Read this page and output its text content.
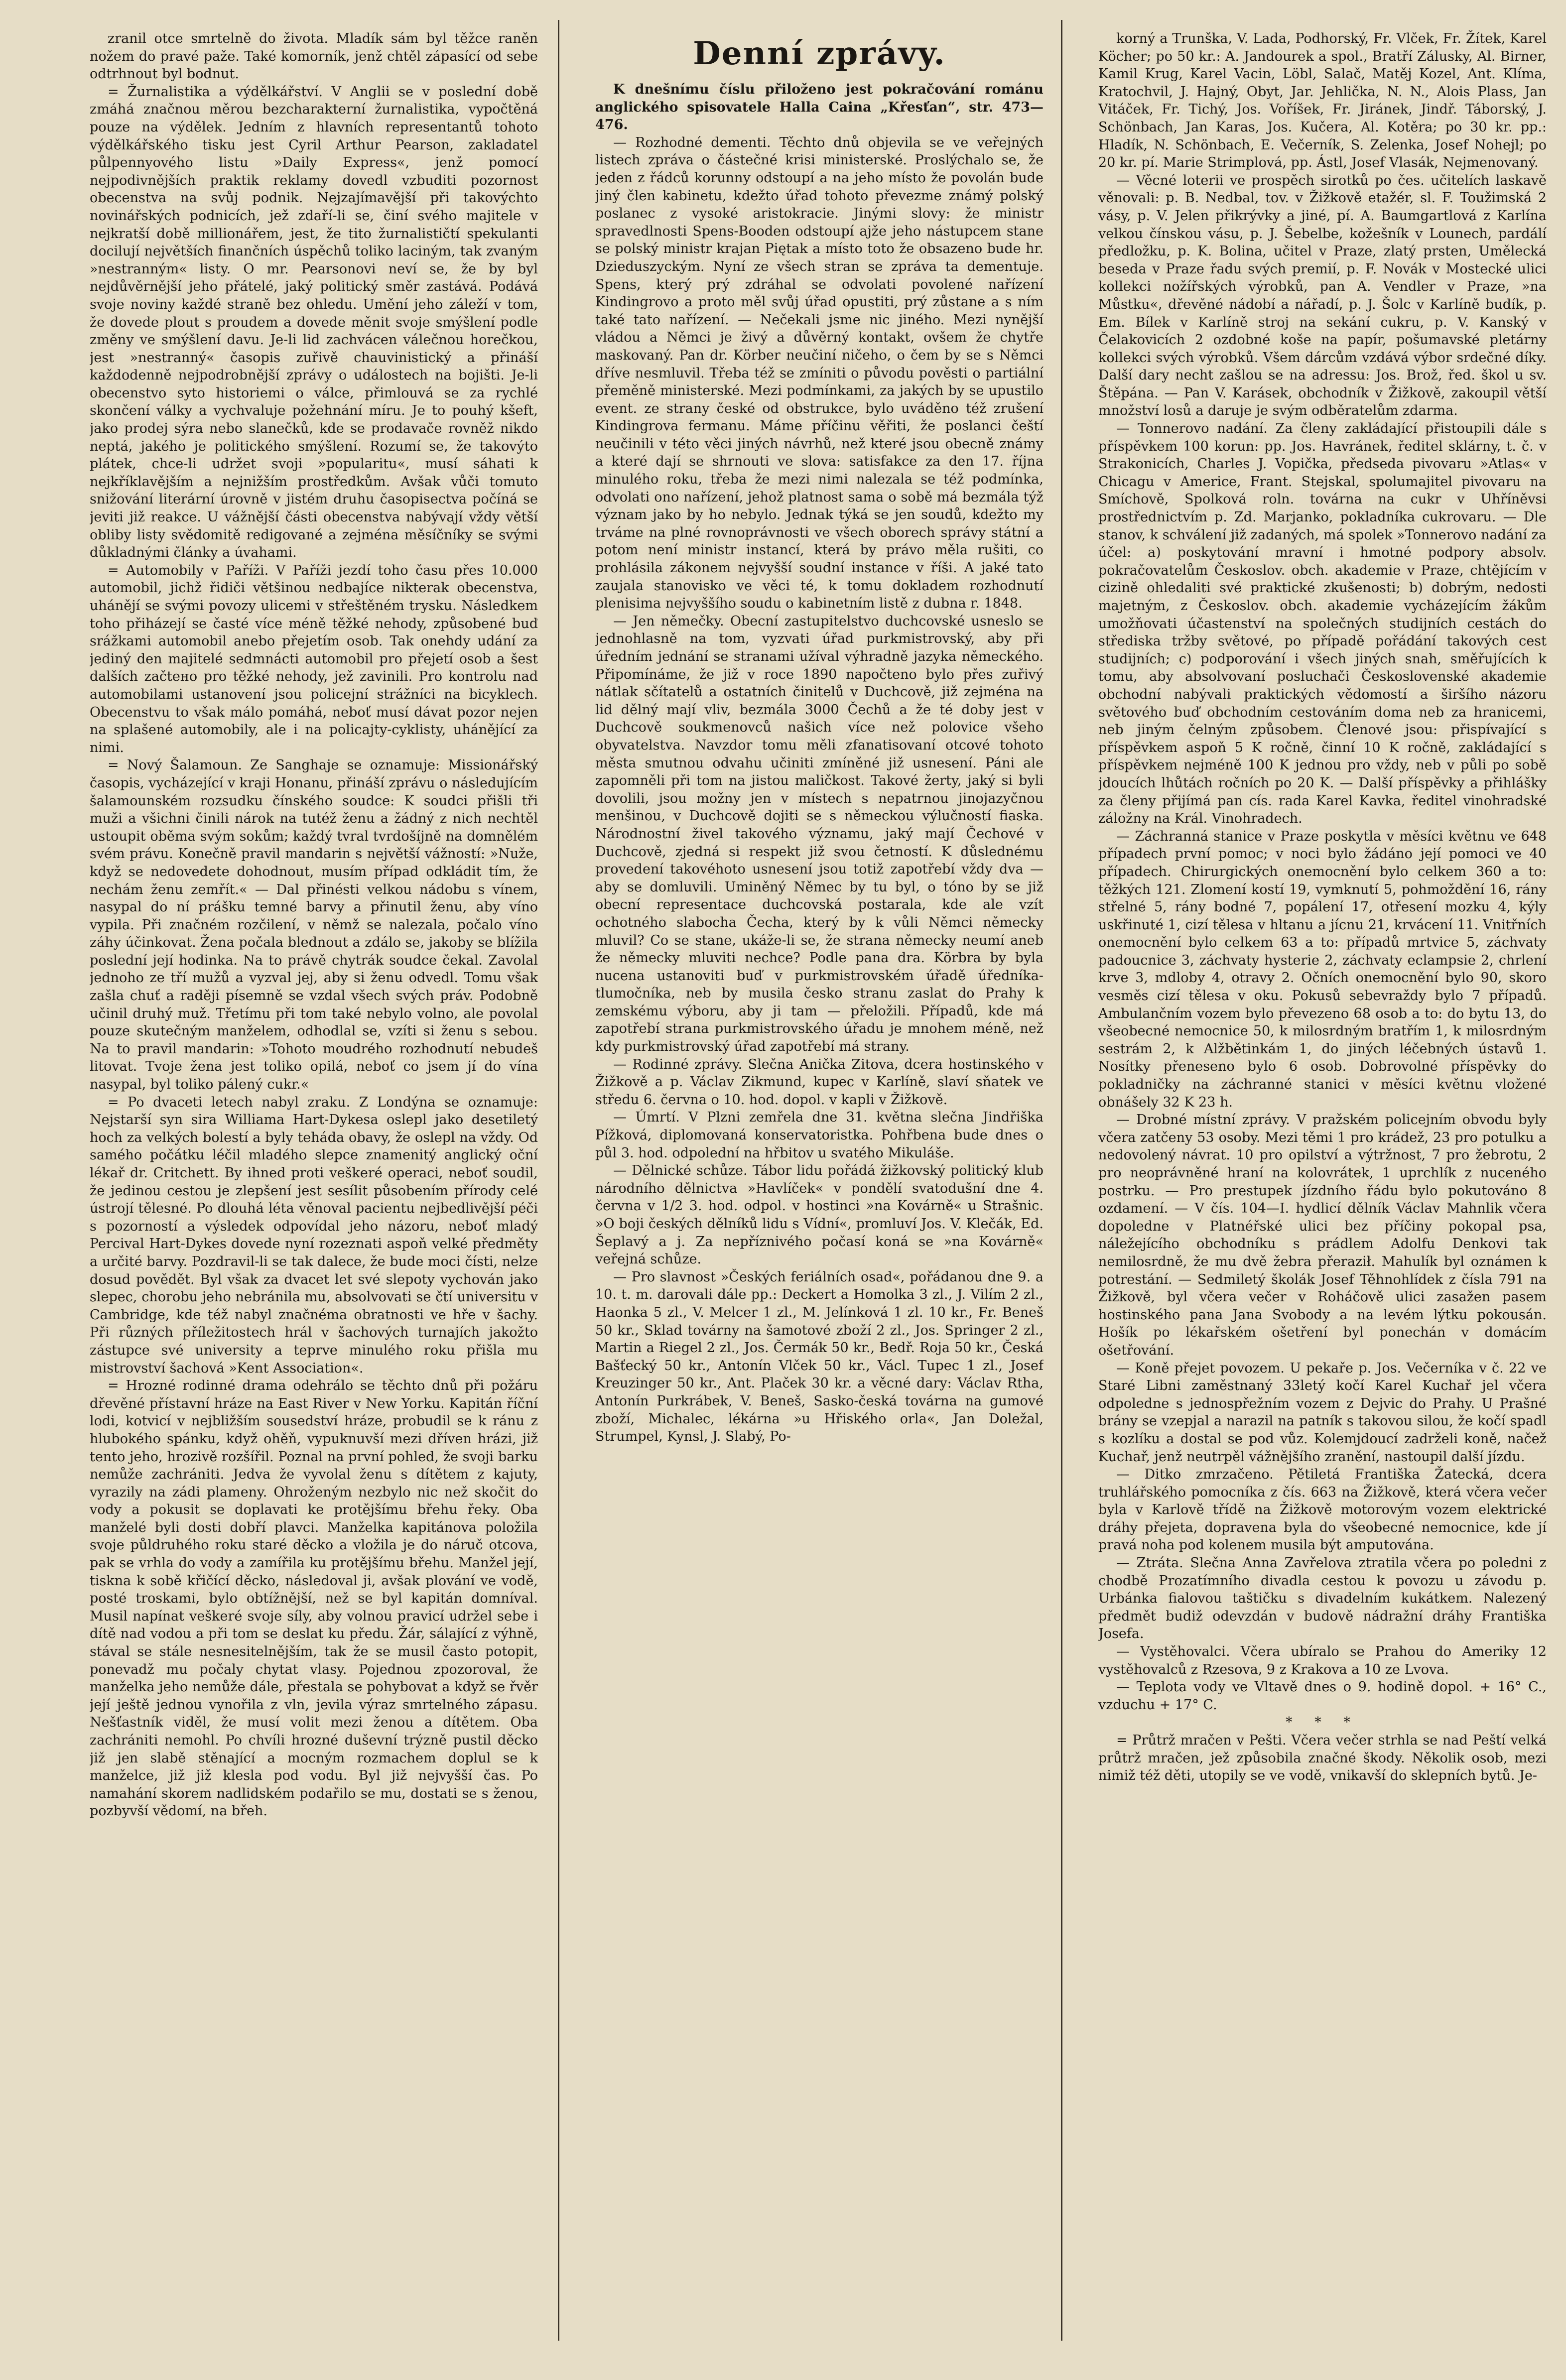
zranil otce smrtelně do života. Mladík sám byl těžce raněn nožem do pravé paže. Také komorník, jenž chtěl zápasící od sebe odtrhnout byl bodnut.

= Žurnalistika a výdělkářství. V Anglii se v poslední době zmáhá značnou měrou bezcharakterní žurnalistika, vypočtěná pouze na výdělek. Jedním z hlavních representantů tohoto výdělkářského tisku jest Cyril Arthur Pearson, zakladatel půlpennyového listu »Daily Express«, jenž pomocí nejpodivnějších praktik reklamy dovedl vzbuditi pozornost obecenstva na svůj podnik. Nejzajímavější při takovýchto novinářských podnicích, jež zdaří-li se, činí svého majitele v nejkratší době millionářem, jest, že tito žurnalističtí spekulanti docilují největších finančních úspěchů toliko laciným, tak zvaným »nestranným« listy. O mr. Pearsonovi neví se, že by byl nejdůvěrnější jeho přátelé, jaký politický směr zastává. Podává svoje noviny každé straně bez ohledu. Umění jeho záleží v tom, že dovede plout s proudem a dovede měnit svoje smýšlení podle změny ve smýšlení davu. Je-li lid zachvácen válečnou horečkou, jest »nestranný« časopis zuřivě chauvinistický a přináší každodenně nejpodrobnější zprávy o událostech na bojišti. Je-li obecenstvo syto historiemi o válce, přimlouvá se za rychlé skončení války a vychvaluje požehnání míru. Je to pouhý kšeft, jako prodej sýra nebo slanečků, kde se prodavače rovněž nikdo neptá, jakého je politického smýšlení. Rozumí se, že takovýto plátek, chce-li udržet svoji »popularitu«, musí sáhati k nejkříklavějším a nejnižším prostředkům. Avšak vůči tomuto snižování literární úrovně v jistém druhu časopisectva počíná se jeviti již reakce. U vážnější části obecenstva nabývají vždy větší obliby listy svědomitě redigované a zejména měsíčníky se svými důkladnými články a úvahami.

= Automobily v Paříži. V Paříži jezdí toho času přes 10.000 automobil, jichž řidiči většinou nedbajíce nikterak obecenstva, uhánějí se svými povozy ulicemi v střeštěném trysku. Následkem toho přiházejí se časté více méně těžké nehody, způsobené buď srážkami automobil anebo přejetím osob. Tak onehdy udání za jediný den majitelé sedmnácti automobil pro přejetí osob a šest dalších začtено pro těžké nehody, jež zavinili. Pro kontrolu nad automobilami ustanovení jsou policejní strážníci na bicyklech. Obecenstvu to však málo pomáhá, neboť musí dávat pozor nejen na splašené automobily, ale i na policajty-cyklisty, uhánějící za nimi.

= Nový Šalamoun. Ze Sanghaje se oznamuje: Missionářský časopis, vycházející v kraji Honanu, přináší zprávu o následujícím šalamounském rozsudku čínského soudce: K soudci přišli tři muži a všichni činili nárok na tutéž ženu a žádný z nich nechtěl ustoupit oběma svým sokům; každý tvral tvrdošíjně na domnělém svém právu. Konečně pravil mandarin s největší vážností: »Nuže, když se nedovedete dohodnout, musím případ odkládit tím, že nechám ženu zemřít.« — Dal přinésti velkou nádobu s vínem, nasypal do ní prášku temné barvy a přinutil ženu, aby víno vypila. Při značném rozčilení, v němž se nalezala, počalo víno záhy účinkovat. Žena počala blednout a zdálo se, jakoby se blížila poslední její hodinka. Na to právě chytrák soudce čekal. Zavolal jednoho ze tří mužů a vyzval jej, aby si ženu odvedl. Tomu však zašla chuť a raději písemně se vzdal všech svých práv. Podobně učinil druhý muž. Třetímu při tom také nebylo volno, ale povolal pouze skutečným manželem, odhodlal se, vzíti si ženu s sebou. Na to pravil mandarin: »Tohoto moudrého rozhodnutí nebudeš litovat. Tvoje žena jest toliko opilá, neboť co jsem jí do vína nasypal, byl toliko pálený cukr.«

= Po dvaceti letech nabyl zraku. Z Londýna se oznamuje: Nejstarší syn sira Williama Hart-Dykesa oslepl jako desetiletý hoch za velkých bolestí a byly teháda obavy, že oslepl na vždy. Od samého počátku léčil mladého slepce znamenitý anglický oční lékař dr. Critchett. By ihned proti veškeré operaci, neboť soudil, že jedinou cestou je zlepšení jest sesílit působením přírody celé ústrojí tělesné. Po dlouhá léta věnoval pacientu nejbedlivější péči s pozorností a výsledek odpovídal jeho názoru, neboť mladý Percival Hart-Dykes dovede nyní rozeznati aspoň velké předměty a určité barvy. Pozdravil-li se tak dalece, že bude moci čísti, nelze dosud povědět. Byl však za dvacet let své slepoty vychován jako slepec, chorobu jeho nebránila mu, absolvovati se čtí universitu v Cambridge, kde též nabyl značnéma obratnosti ve hře v šachy. Při různých příležitostech hrál v šachových turnajích jakožto zástupce své university a teprve minulého roku přišla mu mistrovství šachová »Kent Association«.

= Hrozné rodinné drama odehrálo se těchto dnů při požáru dřevěné přístavní hráze na East River v New Yorku. Kapitán říční lodi, kotvicí v nejbližším sousedství hráze, probudil se k ránu z hlubokého spánku, když ohěň, vypuknuvší mezi dříven hrázi, již tento jeho, hrozivě rozšířil. Poznal na první pohled, že svoji barku nemůže zachrániti. Jedva že vyvolal ženu s dítětem z kajuty, vyrazily na zádi plameny. Ohroženým nezbylo nic než skočit do vody a pokusit se doplavati ke protějšímu břehu řeky. Oba manželé byli dosti dobří plavci. Manželka kapitánova položila svoje půldruhého roku staré děcko a vložila je do náruč otcova, pak se vrhla do vody a zamířila ku protějšímu břehu. Manžel její, tiskna k sobě křičící děcko, následoval ji, avšak plování ve vodě, posté troskami, bylo obtížnější, než se byl kapitán domníval. Musil napínat veškeré svoje síly, aby volnou pravicí udržel sebe i dítě nad vodou a při tom se deslat ku předu. Žár, sálající z výhně, stával se stále nesnesitelnějším, tak že se musil často potopit, ponevadž mu počaly chytat vlasy. Pojednou zpozoroval, že manželka jeho nemůže dále, přestala se pohybovat a když se řvěr její ještě jednou vynořila z vln, jevila výraz smrtelného zápasu. Nešťastník viděl, že musí volit mezi ženou a dítětem. Oba zachrániti nemohl. Po chvíli hrozné duševní trýzně pustil děcko již jen slabě stěnající a mocným rozmachem doplul se k manželce, již již klesla pod vodu. Byl již nejvyšší čas. Po namahání skorem nadlidském podařilo se mu, dostati se s ženou, pozbyvší vědomí, na břeh.

Denní zprávy.

K dnešnímu číslu přiloženo jest pokračování románu anglického spisovatele Halla Caina „Křesťan“, str. 473—476.

— Rozhodné dementi. Těchto dnů objevila se ve veřejných listech zpráva o částečné krisi ministerské. Proslýchalo se, že jeden z řádců korunny odstoupí a na jeho místo že povolán bude jiný člen kabinetu, kdežto úřad tohoto převezme známý polský poslanec z vysoké aristokracie. Jinými slovy: že ministr spravedlnosti Spens-Booden odstoupí ajže jeho nástupcem stane se polský ministr krajan Piętak a místo toto že obsazeno bude hr. Dzieduszyckým. Nyní ze všech stran se zpráva ta dementuje. Spens, který prý zdráhal se odvolati povolené nařízení Kindingrovo a proto měl svůj úřad opustiti, prý zůstane a s ním také tato nařízení. — Nečekali jsme nic jiného. Mezi nynější vládou a Němci je živý a důvěrný kontakt, ovšem že chytře maskovaný. Pan dr. Körber neučiní ničeho, o čem by se s Němci dříve nesmluvil. Třeba též se zmíniti o původu pověsti o partiální přeměně ministerské. Mezi podmínkami, za jakých by se upustilo event. ze strany české od obstrukce, bylo uváděno též zrušení Kindingrova fermanu. Máme příčinu věřiti, že poslanci čeští neučinili v této věci jiných návrhů, než které jsou obecně známy a které dají se shrnouti ve slova: satisfakce za den 17. října minulého roku, třeba že mezi nimi nalezala se též podmínka, odvolati ono nařízení, jehož platnost sama o sobě má bezmála týž význam jako by ho nebylo. Jednak týká se jen soudů, kdežto my trváme na plné rovnoprávnosti ve všech oborech správy státní a potom není ministr instancí, která by právo měla rušiti, co prohlásila zákonem nejvyšší soudní instance v říši. A jaké tato zaujala stanovisko ve věci té, k tomu dokladem rozhodnutí plenisima nejvyššího soudu o kabinetním listě z dubna r. 1848.

— Jen němečky. Obecní zastupitelstvo duchcovské usneslo se jednohlasně na tom, vyzvati úřad purkmistrovský, aby při úředním jednání se stranami užíval výhradně jazyka německého. Připomínáme, že již v roce 1890 napočteno bylo přes zuřivý nátlak sčítatelů a ostatních činitelů v Duchcově, již zejména na lid dělný mají vliv, bezmála 3000 Čechů a že té doby jest v Duchcově soukmenovců našich více než polovice všeho obyvatelstva. Navzdor tomu měli zfanatisovaní otcové tohoto města smutnou odvahu učiniti zmíněné již usnesení. Páni ale zapomněli při tom na jistou maličkost. Takové žerty, jaký si byli dovolili, jsou možny jen v místech s nepatrnou jinojazyčnou menšinou, v Duchcově dojiti se s německou výlučností fiaska. Národnostní živel takového významu, jaký mají Čechové v Duchcově, zjedná si respekt již svou četností. K důslednému provedení takovéhoto usnesení jsou totiž zapotřebí vždy dva — aby se domluvili. Uminěný Němec by tu byl, o tóno by se již obecní representace duchcovská postarala, kde ale vzít ochotného slabocha Čecha, který by k vůli Němci německy mluvil? Co se stane, ukáže-li se, že strana německy neumí aneb že německy mluviti nechce? Podle pana dra. Körbra by byla nucena ustanoviti buď v purkmistrovském úřadě úředníka-tlumočníka, neb by musila česko stranu zaslat do Prahy k zemskému výboru, aby ji tam — přeložili. Případů, kde má zapotřebí strana purkmistrovského úřadu je mnohem méně, než kdy purkmistrovský úřad zapotřebí má strany.

— Rodinné zprávy. Slečna Anička Zitova, dcera hostinského v Žižkově a p. Václav Zikmund, kupec v Karlíně, slaví sňatek ve středu 6. června o 10. hod. dopol. v kapli v Žižkově.

— Úmrtí. V Plzni zemřela dne 31. května slečna Jindřiška Pížková, diplomovaná konservatoristka. Pohřbena bude dnes o půl 3. hod. odpolední na hřbitov u svatého Mikuláše.

— Dělnické schůze. Tábor lidu pořádá žižkovský politický klub národního dělnictva »Havlíček« v pondělí svatodušní dne 4. června v 1/2 3. hod. odpol. v hostinci »na Kovárně« u Strašnic. »O boji českých dělníků lidu s Vídní«, promluví Jos. V. Klečák, Ed. Šeplavý a j. Za nepříznivého počasí koná se »na Kovárně« veřejná schůze.

— Pro slavnost »Českých feriálních osad«, pořádanou dne 9. a 10. t. m. darovali dále pp.: Deckert a Homolka 3 zl., J. Vilím 2 zl., Haonka 5 zl., V. Melcer 1 zl., M. Jelínková 1 zl. 10 kr., Fr. Beneš 50 kr., Sklad továrny na šamotové zboží 2 zl., Jos. Springer 2 zl., Martin a Riegel 2 zl., Jos. Čermák 50 kr., Bedř. Roja 50 kr., Česká Bašťecký 50 kr., Antonín Vlček 50 kr., Václ. Tupec 1 zl., Josef Kreuzinger 50 kr., Ant. Plaček 30 kr. a věcné dary: Václav Rtha, Antonín Purkrábek, V. Beneš, Sasko-česká továrna na gumové zboží, Michalec, lékárna »u Hřiského orla«, Jan Doležal, Strumpel, Kynsl, J. Slabý, Po-

korný a Trunška, V. Lada, Podhorský, Fr. Vlček, Fr. Žítek, Karel Köcher; po 50 kr.: A. Jandourek a spol., Bratří Zálusky, Al. Birner, Kamil Krug, Karel Vacin, Löbl, Salač, Matěj Kozel, Ant. Klíma, Kratochvil, J. Hajný, Obyt, Jar. Jehlička, N. N., Alois Plass, Jan Vitáček, Fr. Tichý, Jos. Voříšek, Fr. Jiránek, Jindř. Táborský, J. Schönbach, Jan Karas, Jos. Kučera, Al. Kotěra; po 30 kr. pp.: Hladík, N. Schönbach, E. Večerník, S. Zelenka, Josef Nohejl; po 20 kr. pí. Marie Strimplová, pp. Ástl, Josef Vlasák, Nejmenovaný.

— Věcné loterii ve prospěch sirotků po čes. učitelích laskavě věnovali: p. B. Nedbal, tov. v Žižkově etažér, sl. F. Toužimská 2 vásy, p. V. Jelen přikrývky a jiné, pí. A. Baumgartlová z Karlína velkou čínskou vásu, p. J. Šebelbe, kožešník v Lounech, pardálí předložku, p. K. Bolina, učitel v Praze, zlatý prsten, Umělecká beseda v Praze řadu svých premií, p. F. Novák v Mostecké ulici kollekci nožířských výrobků, pan A. Vendler v Praze, »na Můstku«, dřevěné nádobí a nářadí, p. J. Šolc v Karlíně budík, p. Em. Bílek v Karlíně stroj na sekání cukru, p. V. Kanský v Čelakovicích 2 ozdobné koše na papír, pošumavské pletárny kollekci svých výrobků. Všem dárcům vzdává výbor srdečné díky. Další dary necht zašlou se na adressu: Jos. Brož, řed. škol u sv. Štěpána. — Pan V. Karásek, obchodník v Žižkově, zakoupil větší množství losů a daruje je svým odběratelům zdarma.

— Tonnerovo nadání. Za členy zakládající přistoupili dále s příspěvkem 100 korun: pp. Jos. Havránek, ředitel sklárny, t. č. v Strakonicích, Charles J. Vopička, předseda pivovaru »Atlas« v Chicagu v Americe, Frant. Stejskal, spolumajitel pivovaru na Smíchově, Spolková roln. továrna na cukr v Uhříněvsi prostřednictvím p. Zd. Marjanko, pokladníka cukrovaru. — Dle stanov, k schválení již zadaných, má spolek »Tonnerovo nadání za účel: a) poskytování mravní i hmotné podpory absolv. pokračovatelům Českoslov. obch. akademie v Praze, chtějícím v cizině ohledaliti své praktické zkušenosti; b) dobrým, nedosti majetným, z Českoslov. obch. akademie vycházejícím žákům umožňovati účastenství na společných studijních cestách do střediska tržby světové, po případě pořádání takových cest studijních; c) podporování i všech jiných snah, směřujících k tomu, aby absolvovaní posluchači Československé akademie obchodní nabývali praktických vědomostí a širšího názoru světového buď obchodním cestováním doma neb za hranicemi, neb jiným čelným způsobem. Členové jsou: přispívající s příspěvkem aspoň 5 K ročně, činní 10 K ročně, zakládající s příspěvkem nejméně 100 K jednou pro vždy, neb v půli po sobě jdoucích lhůtách ročních po 20 K. — Další příspěvky a přihlášky za členy přijímá pan cís. rada Karel Kavka, ředitel vinohradské záložny na Král. Vinohradech.

— Záchranná stanice v Praze poskytla v měsíci květnu ve 648 případech první pomoc; v noci bylo žádáno její pomoci ve 40 případech. Chirurgických onemocnění bylo celkem 360 a to: těžkých 121. Zlomení kostí 19, vymknutí 5, pohmoždění 16, rány střelné 5, rány bodné 7, popálení 17, otřesení mozku 4, kýly uskřinuté 1, cizí tělesa v hltanu a jícnu 21, krvácení 11. Vnitřních onemocnění bylo celkem 63 a to: případů mrtvice 5, záchvaty padoucnice 3, záchvaty hysterie 2, záchvaty eclampsie 2, chrlení krve 3, mdloby 4, otravy 2. Očních onemocnění bylo 90, skoro vesměs cizí tělesa v oku. Pokusů sebevraždy bylo 7 případů. Ambulančním vozem bylo převezeno 68 osob a to: do bytu 13, do všeobecné nemocnice 50, k milosrdným bratřím 1, k milosrdným sestrám 2, k Alžbětinkám 1, do jiných léčebných ústavů 1. Nosítky přeneseno bylo 6 osob. Dobrovolné příspěvky do pokladničky na záchranné stanici v měsíci květnu vložené obnášely 32 K 23 h.

— Drobné místní zprávy. V pražském policejním obvodu byly včera zatčeny 53 osoby. Mezi těmi 1 pro krádež, 23 pro potulku a nedovolený návrat. 10 pro opilství a výtržnost, 7 pro žebrotu, 2 pro neoprávněné hraní na kolovrátek, 1 uprchlík z nuceného postrku. — Pro prestupek jízdního řádu bylo pokutováno 8 ozdamení. — V čís. 104—I. hydlicí dělník Václav Mahnlik včera dopoledne v Platnéřské ulici bez příčiny pokopal psa, náležejícího obchodníku s prádlem Adolfu Denkovi tak nemilosrdně, že mu dvě žebra přeraził. Mahulík byl oznámen k potrestání. — Sedmiletý školák Josef Těhnohlídek z čísla 791 na Žižkově, byl včera večer v Roháčově ulici zasažen pasem hostinského pana Jana Svobody a na levém lýtku pokousán. Hošík po lékařském ošetření byl ponechán v domácím ošetřování.

— Koně přejet povozem. U pekaře p. Jos. Večerníka v č. 22 ve Staré Libni zaměstnaný 33letý kočí Karel Kuchař jel včera odpoledne s jednospřežním vozem z Dejvic do Prahy. U Prašné brány se vzepjal a narazil na patník s takovou silou, že kočí spadl s kozlíku a dostal se pod vůz. Kolemjdoucí zadrželi koně, načež Kuchař, jenž neutrpěl vážnějšího zranění, nastoupil další jízdu.

— Ditko zmrzačeno. Pětiletá Františka Žatecká, dcera truhlářského pomocníka z čís. 663 na Žižkově, která včera večer byla v Karlově třídě na Žižkově motorovým vozem elektrické dráhy přejeta, dopravena byla do všeobecné nemocnice, kde jí pravá noha pod kolenem musila být amputována.

— Ztráta. Slečna Anna Zavřelova ztratila včera po poledni z chodbě Prozatímního divadla cestou k povozu u závodu p. Urbánka fialovou taštičku s divadelním kukátkem. Nalezený předmět budiž odevzdán v budově nádražní dráhy Františka Josefa.

— Vystěhovalci. Včera ubíralo se Prahou do Ameriky 12 vystěhovalců z Rzesova, 9 z Krakova a 10 ze Lvova.

— Teplota vody ve Vltavě dnes o 9. hodině dopol. + 16° C., vzduchu + 17° C.

* * *

= Průtrž mračen v Pešti. Včera večer strhla se nad Peští velká průtrž mračen, jež způsobila značné škody. Několik osob, mezi nimiž též děti, utopily se ve vodě, vnikavší do sklepních bytů. Je-
